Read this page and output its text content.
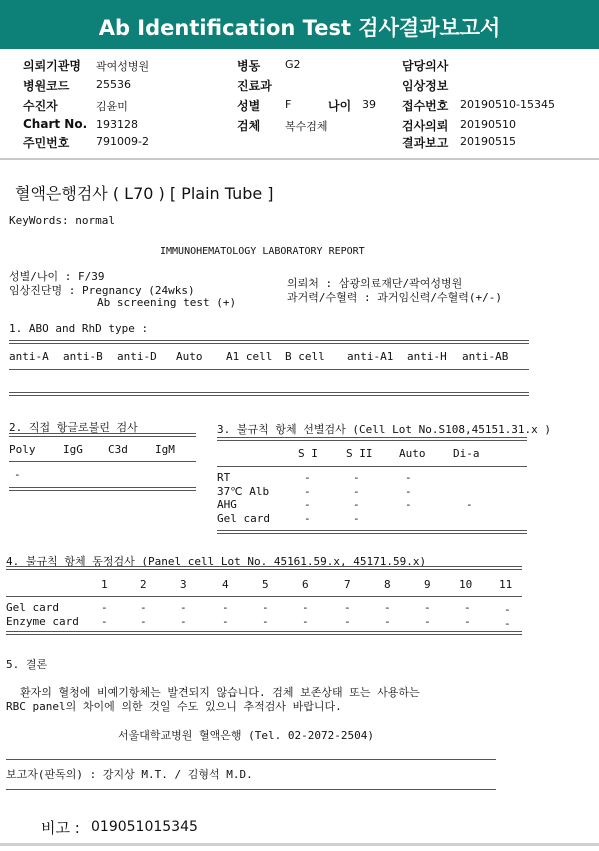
Ab Identification Test 검사결과보고서
의뢰기관명 곽여성병원
병원코드 25536
수진자	김윤미
Chart No. 193128
주민번호 791009-2
병동 G2
진료과
성별 F	나이 39
검체 복수검체
담당의사
임상정보
접수번호 20190510-15345
검사의뢰 20190510
결과보고 20190515
혈액은행검사 ( L70 ) [ Plain Tube ]
KeyWords: normal
IMMUNOHEMATOLOGY LABORATORY REPORT
성별/나이 : F/39
임상진단명 : Pregnancy (24wks)
Ab screening test (+)
의뢰처 : 삼광의료재단/곽여성병원
과거력/수혈력 : 과거임신력/수혈력(+/-)
1. ABO and RhD type :
anti-A anti-B anti-D Auto A1 cell B cell anti-A1 anti-H anti-AB
2. 직접 항글로불린 검사
Poly	IgG C3d IgM
-
3. 불규칙 항체 선별검사 (Cell Lot No.S108,45151.31.x )
S I	S II Auto	Di-a
RT	-	-	-
37℃ Alb	-	-	-
AHG	-	-	-	-
Gel card	-	-
4. 불규칙 항체 동정검사 (Panel cell Lot No. 45161.59.x, 45171.59.x)
1	2	3	4	5	6	7	8	9	10 11
Gel card	-	-	-	-	-	-	-	-	-	-	-
Enzyme card -	-	-	-	-	-	-	-	-	-	-
5. 결론
환자의 혈청에 비예기항체는 발견되지 않습니다. 검체 보존상태 또는 사용하는
RBC panel의 차이에 의한 것일 수도 있으니 추적검사 바랍니다.
서울대학교병원 혈액은행 (Tel. 02-2072-2504)
보고자(판독의) : 강지상 M.T. / 김형석 M.D.
비고 : 019051015345
